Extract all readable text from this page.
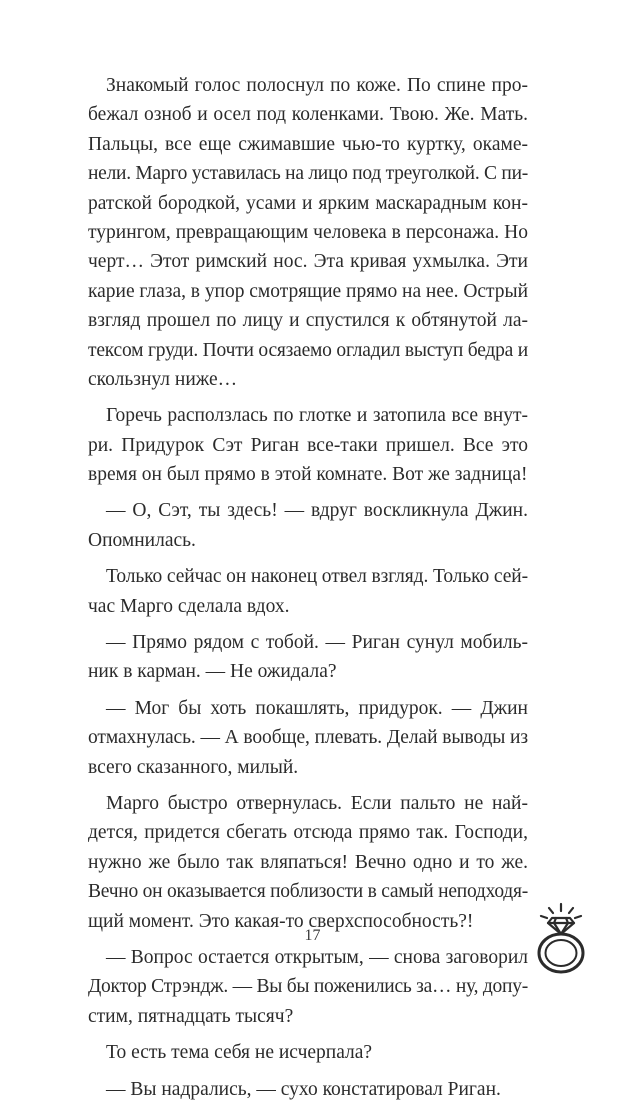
Знакомый голос полоснул по коже. По спине про-
бежал озноб и осел под коленками. Твою. Же. Мать.
Пальцы, все еще сжимавшие чью-то куртку, окаме-
нели. Марго уставилась на лицо под треуголкой. С пи-
ратской бородкой, усами и ярким маскарадным кон-
турингом, превращающим человека в персонажа. Но
черт… Этот римский нос. Эта кривая ухмылка. Эти
карие глаза, в упор смотрящие прямо на нее. Острый
взгляд прошел по лицу и спустился к обтянутой ла-
тексом груди. Почти осязаемо огладил выступ бедра и
скользнул ниже…
Горечь расползлась по глотке и затопила все внут-
ри. Придурок Сэт Риган все-таки пришел. Все это
время он был прямо в этой комнате. Вот же задница!
— О, Сэт, ты здесь! — вдруг воскликнула Джин.
Опомнилась.
Только сейчас он наконец отвел взгляд. Только сей-
час Марго сделала вдох.
— Прямо рядом с тобой. — Риган сунул мобиль-
ник в карман. — Не ожидала?
— Мог бы хоть покашлять, придурок. — Джин
отмахнулась. — А вообще, плевать. Делай выводы из
всего сказанного, милый.
Марго быстро отвернулась. Если пальто не най-
дется, придется сбегать отсюда прямо так. Господи,
нужно же было так вляпаться! Вечно одно и то же.
Вечно он оказывается поблизости в самый неподходя-
щий момент. Это какая-то сверхспособность?!
— Вопрос остается открытым, — снова заговорил
Доктор Стрэндж. — Вы бы поженились за… ну, допу-
стим, пятнадцать тысяч?
То есть тема себя не исчерпала?
— Вы надрались, — сухо констатировал Риган.
17
